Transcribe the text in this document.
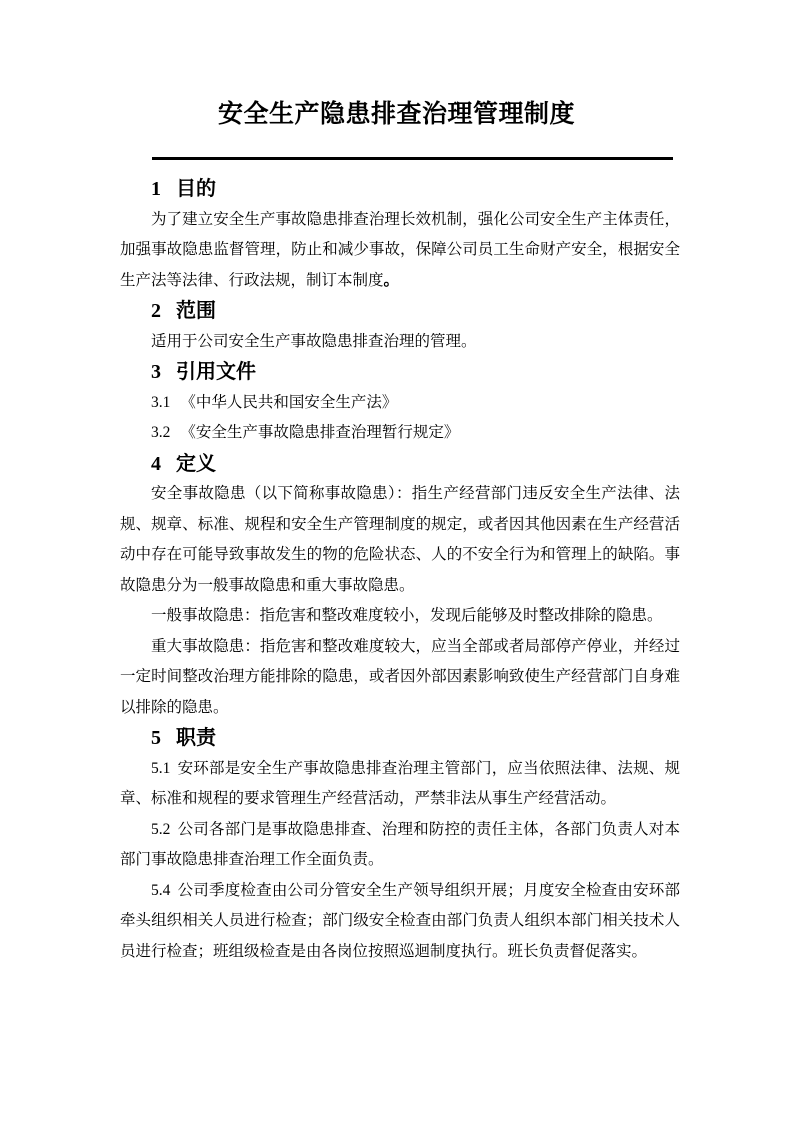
安全生产隐患排查治理管理制度
1 目的

为了建立安全生产事故隐患排查治理长效机制，强化公司安全生产主体责任，加强事故隐患监督管理，防止和减少事故，保障公司员工生命财产安全，根据安全生产法等法律、行政法规，制订本制度。

2 范围

适用于公司安全生产事故隐患排查治理的管理。

3 引用文件

3.1 《中华人民共和国安全生产法》

3.2 《安全生产事故隐患排查治理暂行规定》

4 定义

安全事故隐患（以下简称事故隐患）：指生产经营部门违反安全生产法律、法规、规章、标准、规程和安全生产管理制度的规定，或者因其他因素在生产经营活动中存在可能导致事故发生的物的危险状态、人的不安全行为和管理上的缺陷。事故隐患分为一般事故隐患和重大事故隐患。

一般事故隐患：指危害和整改难度较小，发现后能够及时整改排除的隐患。

重大事故隐患：指危害和整改难度较大，应当全部或者局部停产停业，并经过一定时间整改治理方能排除的隐患，或者因外部因素影响致使生产经营部门自身难以排除的隐患。

5 职责

5.1 安环部是安全生产事故隐患排查治理主管部门，应当依照法律、法规、规章、标准和规程的要求管理生产经营活动，严禁非法从事生产经营活动。

5.2 公司各部门是事故隐患排查、治理和防控的责任主体，各部门负责人对本部门事故隐患排查治理工作全面负责。

5.4 公司季度检查由公司分管安全生产领导组织开展；月度安全检查由安环部牵头组织相关人员进行检查；部门级安全检查由部门负责人组织本部门相关技术人员进行检查；班组级检查是由各岗位按照巡迴制度执行。班长负责督促落实。
